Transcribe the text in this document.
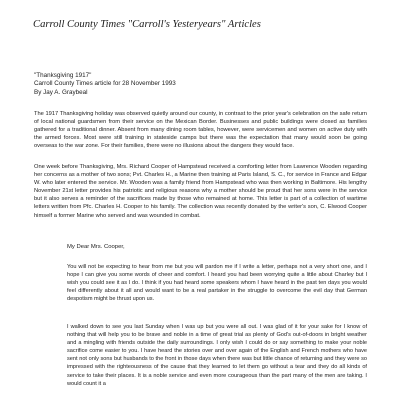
Carroll County Times "Carroll's Yesteryears" Articles
"Thanksgiving 1917"
Carroll County Times article for 28 November 1993
By Jay A. Graybeal
The 1917 Thanksgiving holiday was observed quietly around our county, in contrast to the prior year's celebration on the safe return of local national guardsmen from their service on the Mexican Border. Businesses and public buildings were closed as families gathered for a traditional dinner. Absent from many dining room tables, however, were servicemen and women on active duty with the armed forces. Most were still training in stateside camps but there was the expectation that many would soon be going overseas to the war zone. For their families, there were no illusions about the dangers they would face.
One week before Thanksgiving, Mrs. Richard Cooper of Hampstead received a comforting letter from Lawrence Wooden regarding her concerns as a mother of two sons; Pvt. Charles H., a Marine then training at Paris Island, S. C., for service in France and Edgar W. who later entered the service. Mr. Wooden was a family friend from Hampstead who was then working in Baltimore. His lengthy November 21st letter provides his patriotic and religious reasons why a mother should be proud that her sons were in the service but it also serves a reminder of the sacrifices made by those who remained at home. This letter is part of a collection of wartime letters written from Pfc. Charles H. Cooper to his family. The collection was recently donated by the writer's son, C. Elwood Cooper himself a former Marine who served and was wounded in combat.
My Dear Mrs. Cooper,
You will not be expecting to hear from me but you will pardon me if I write a letter, perhaps not a very short one, and I hope I can give you some words of cheer and comfort. I heard you had been worrying quite a little about Charley but I wish you could see it as I do. I think if you had heard some speakers whom I have heard in the past ten days you would feel differently about it all and would want to be a real partaker in the struggle to overcome the evil day that German despotism might be thrust upon us.
I walked down to see you last Sunday when I was up but you were all out. I was glad of it for your sake for I know of nothing that will help you to be brave and noble in a time of great trial as plenty of God's out-of-doors in bright weather and a mingling with friends outside the daily surroundings. I only wish I could do or say something to make your noble sacrifice come easier to you. I have heard the stories over and over again of the English and French mothers who have sent not only sons but husbands to the front in those days when there was but little chance of returning and they were so impressed with the righteousness of the cause that they learned to let them go without a tear and they do all kinds of service to take their places. It is a noble service and even more courageous than the part many of the men are taking. I would count it a
